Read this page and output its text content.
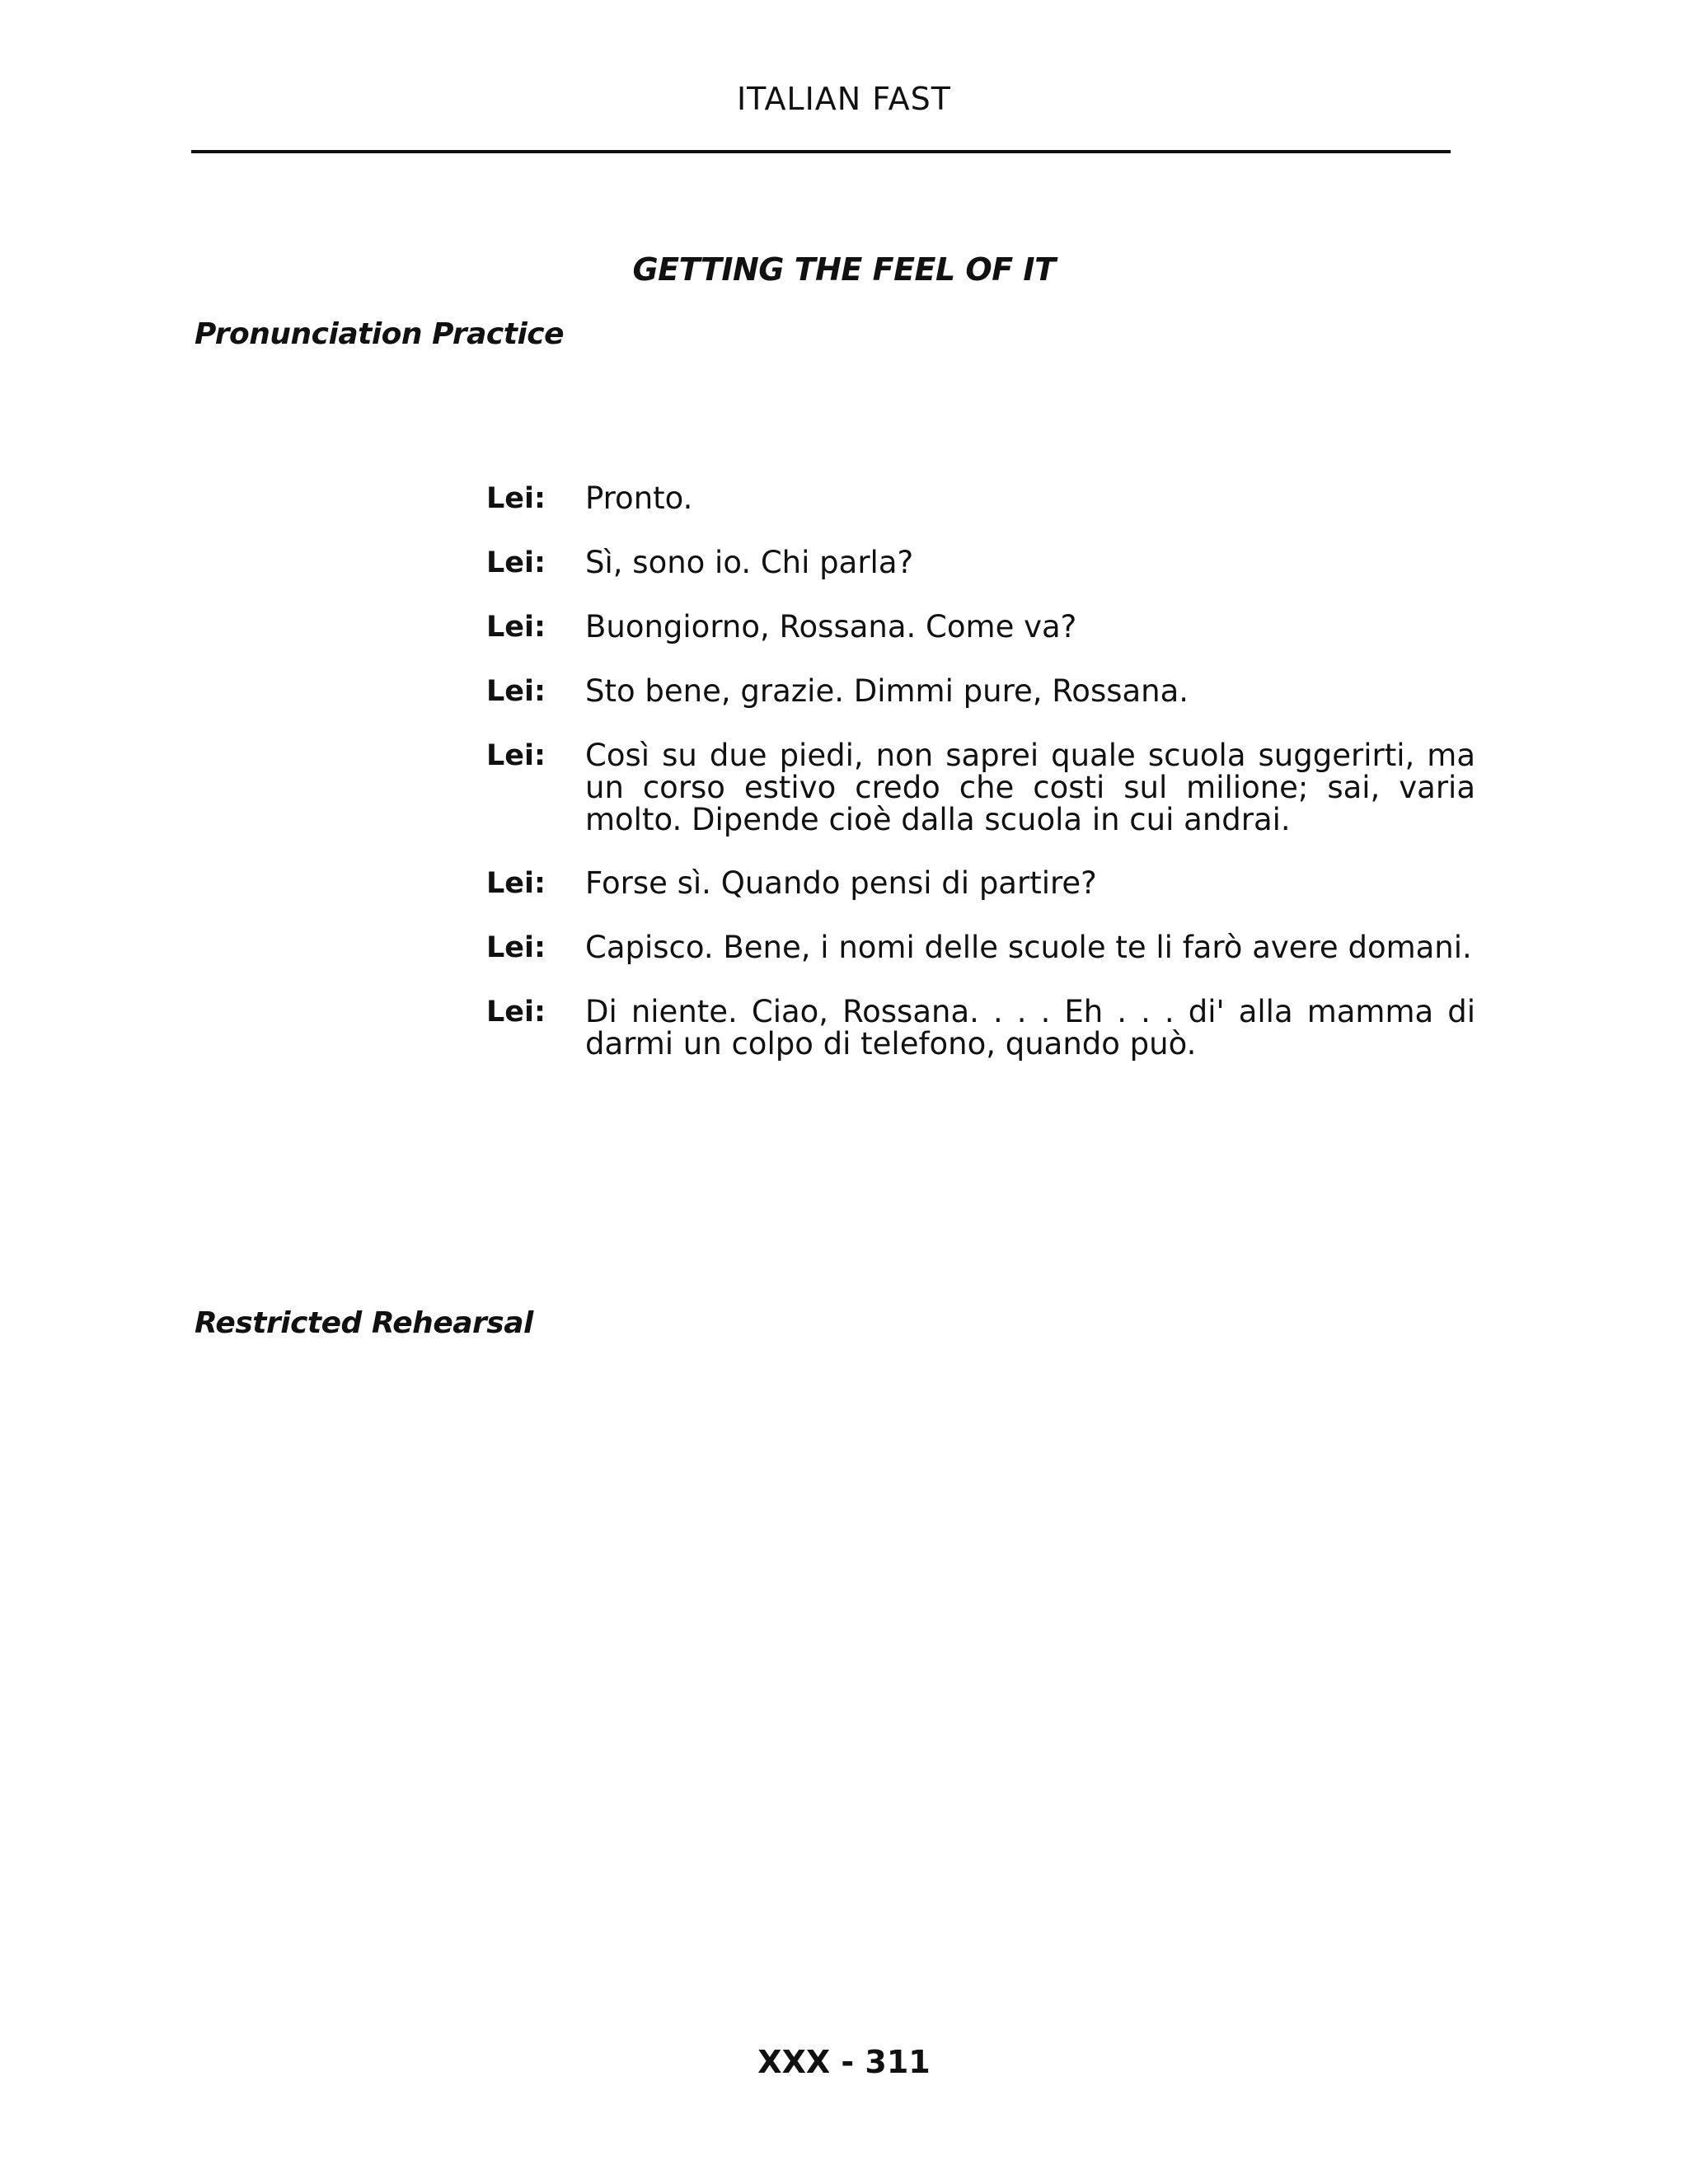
ITALIAN FAST
GETTING THE FEEL OF IT
Pronunciation Practice
Lei:	Pronto.
Lei:	Sì, sono io. Chi parla?
Lei:	Buongiorno, Rossana. Come va?
Lei:	Sto bene, grazie. Dimmi pure, Rossana.
Lei:	Così su due piedi, non saprei quale scuola suggerirti, ma un corso estivo credo che costi sul milione; sai, varia molto. Dipende cioè dalla scuola in cui andrai.
Lei:	Forse sì. Quando pensi di partire?
Lei:	Capisco. Bene, i nomi delle scuole te li farò avere domani.
Lei:	Di niente. Ciao, Rossana. . . . Eh . . . di' alla mamma di darmi un colpo di telefono, quando può.
Restricted Rehearsal
XXX - 311
